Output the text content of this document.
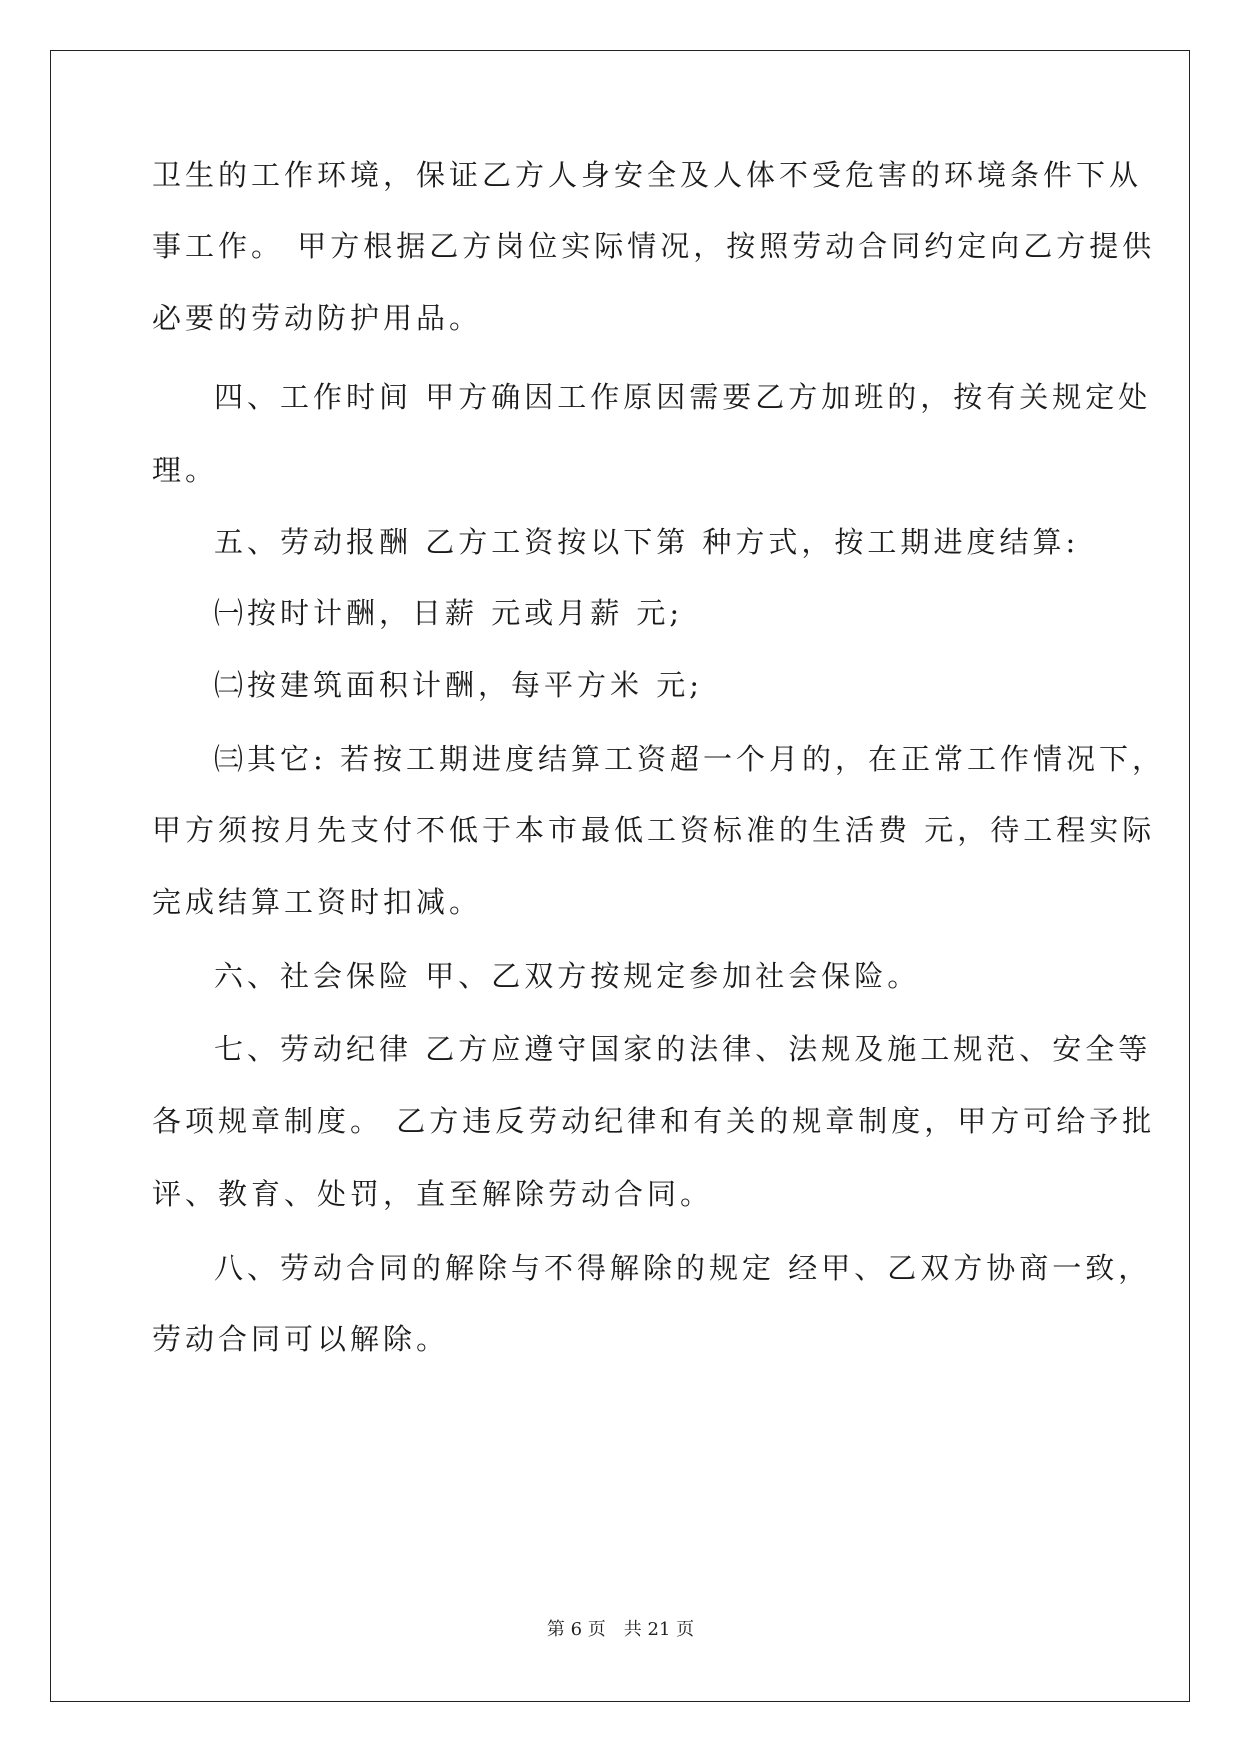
卫生的工作环境，保证乙方人身安全及人体不受危害的环境条件下从
事工作。 甲方根据乙方岗位实际情况，按照劳动合同约定向乙方提供
必要的劳动防护用品。
四、工作时间 甲方确因工作原因需要乙方加班的，按有关规定处
理。
五、劳动报酬 乙方工资按以下第 种方式，按工期进度结算:
㈠按时计酬，日薪 元或月薪 元;
㈡按建筑面积计酬，每平方米 元;
㈢其它: 若按工期进度结算工资超一个月的，在正常工作情况下，
甲方须按月先支付不低于本市最低工资标准的生活费 元，待工程实际
完成结算工资时扣减。
六、社会保险 甲、乙双方按规定参加社会保险。
七、劳动纪律 乙方应遵守国家的法律、法规及施工规范、安全等
各项规章制度。 乙方违反劳动纪律和有关的规章制度，甲方可给予批
评、教育、处罚，直至解除劳动合同。
八、劳动合同的解除与不得解除的规定 经甲、乙双方协商一致，
劳动合同可以解除。
第 6 页　共 21 页
